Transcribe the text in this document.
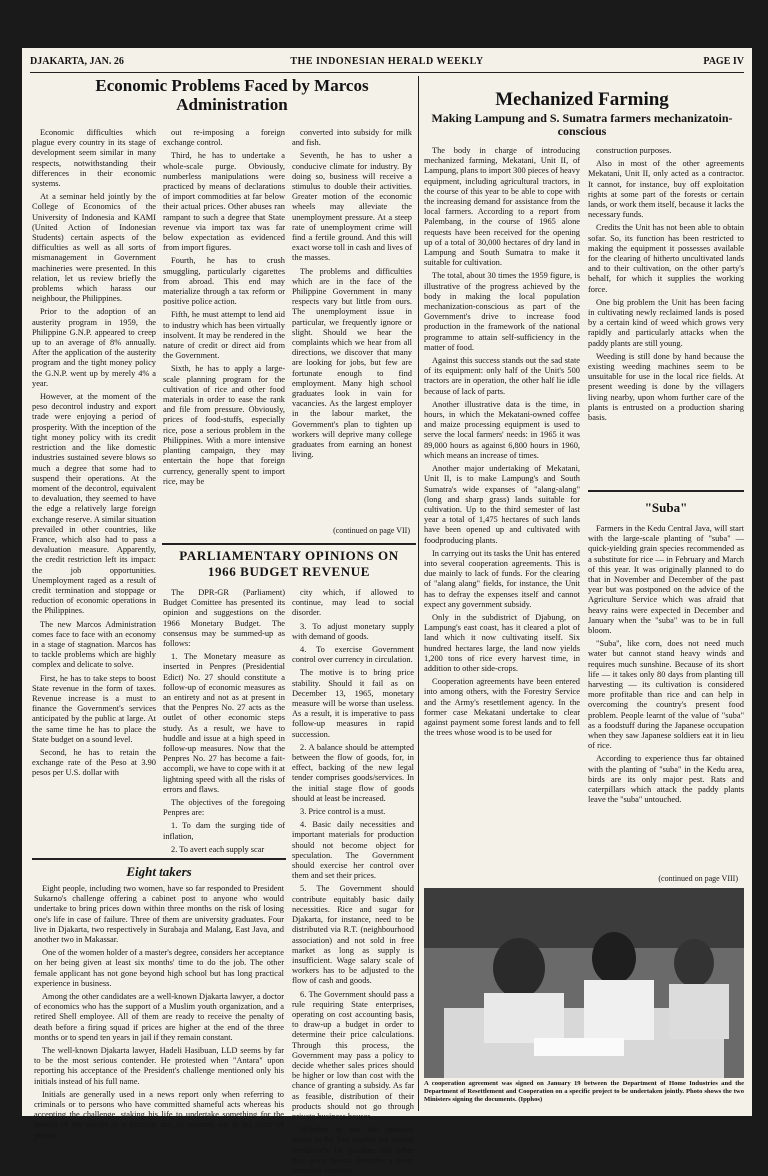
DJAKARTA, JAN. 26	THE INDONESIAN HERALD WEEKLY	PAGE IV
Economic Problems Faced by Marcos Administration

Economic difficulties which plague every country in its stage of development seem similar in many respects, notwithstanding their differences in their economic systems.

At a seminar held jointly by the College of Economics of the University of Indonesia and KAMI (United Action of Indonesian Students) certain aspects of the difficulties as well as all sorts of mismanagement in Government machineries were presented. In this relation, let us review briefly the problems which harass our neighbour, the Philippines.

Prior to the adoption of an austerity program in 1959, the Philippine G.N.P. appeared to creep up to an average of 8% annually. After the application of the austerity program and the tight money policy the G.N.P. went up by merely 4% a year.

However, at the moment of the peso decontrol industry and export trade were enjoying a period of prosperity. With the inception of the tight money policy with its credit restriction and the like domestic industries sustained severe blows so much a degree that some had to suspend their operations. At the moment of the decontrol, equivalent to devaluation, they seemed to have the edge a relatively large foreign exchange reserve. A similar situation prevailed in other countries, like France, which also had to pass a devaluation measure. Apparently, the credit restriction left its impact: the job opportunities. Unemployment raged as a result of credit termination and stoppage or reduction of economic operations in the Philippines.

The new Marcos Administration comes face to face with an economy in a stage of stagnation. Marcos has to tackle problems which are highly complex and delicate to solve.

First, he has to take steps to boost State revenue in the form of taxes. Revenue increase is a must to finance the Government's services anticipated by the public at large. At the same time he has to place the State budget on a sound level.

Second, he has to retain the exchange rate of the Peso at 3.90 pesos per U.S. dollar with

out re-imposing a foreign exchange control.

Third, he has to undertake a whole-scale purge. Obviously, numberless manipulations were practiced by means of declarations of import commodities at far below their actual prices. Other abuses ran rampant to such a degree that State revenue via import tax was far below expectation as evidenced from import figures.

Fourth, he has to crush smuggling, particularly cigarettes from abroad. This end may materialize through a tax reform or positive police action.

Fifth, he must attempt to lend aid to industry which has been virtually insolvent. It may be rendered in the nature of credit or direct aid from the Government.

Sixth, he has to apply a large-scale planning program for the cultivation of rice and other food materials in order to ease the rank and file from pressure. Obviously, prices of food-stuffs, especially rice, pose a serious problem in the Philippines. With a more intensive planting campaign, they may entertain the hope that foreign currency, generally spent to import rice, may be

converted into subsidy for milk and fish.

Seventh, he has to usher a conducive climate for industry. By doing so, business will receive a stimulus to double their activities. Greater motion of the economic wheels may alleviate the unemployment pressure. At a steep rate of unemployment crime will find a fertile ground. And this will exact worse toll in cash and lives of the masses.

The problems and difficulties which are in the face of the Philippine Government in many respects vary but little from ours. The unemployment issue in particular, we frequently ignore or slight. Should we hear the complaints which we hear from all directions, we discover that many are looking for jobs, but few are fortunate enough to find employment. Many high school graduates look in vain for vacancies. As the largest employer in the labour market, the Government's plan to tighten up workers will deprive many college graduates from earning an honest living.

(continued on page VII)
PARLIAMENTARY OPINIONS ON
1966 BUDGET REVENUE

The DPR-GR (Parliament) Budget Comittee has presented its opinion and suggestions on the 1966 Monetary Budget. The consensus may be summed-up as follows:

1. The Monetary measure as inserted in Penpres (Presidential Edict) No. 27 should constitute a follow-up of economic measures as an entirety and not as at present in that the Penpres No. 27 acts as the outlet of other economic steps study. As a result, we have to huddle and issue at a high speed in follow-up measures. Now that the Penpres No. 27 has become a fait-accompli, we have to cope with it at lightning speed with all the risks of errors and flaws.

The objectives of the foregoing Penpres are:

1. To dam the surging tide of inflation,

2. To avert each supply scar

city which, if allowed to continue, may lead to social disorder.

3. To adjust monetary supply with demand of goods.

4. To exercise Government control over currency in circulation.

The motive is to bring price stability. Should it fail as on December 13, 1965, monetary measure will be worse than useless. As a result, it is imperative to pass follow-up measures in rapid succession.

2. A balance should be attempted between the flow of goods, for, in effect, backing of the new legal tender comprises goods/services. In the initial stage flow of goods should at least be increased.

3. Price control is a must.

4. Basic daily necessities and important materials for production should not become object for speculation. The Government should exercise her control over them and set their prices.

5. The Government should contribute equitably basic daily necessities. Rice and sugar for Djakarta, for instance, need to be distributed via R.T. (neighbourhood association) and not sold in free market as long as supply is insufficient. Wage salary scale of workers has to be adjusted to the flow of cash and goods.

6. The Government should pass a rule requiring State enterprises, operating on cost accounting basis, to draw-up a budget in order to determine their price calculations. Through this process, the Government may pass a policy to decide whether sales prices should be higher or low than cost with the chance of granting a subsidy. As far as feasible, distribution of their products should not go through private business houses.

Whether or not the runaway prices in the free market are caused exclusively by gasoline and other fuel price boosts deserves a more intensive scrutiny.

Eight takers

Eight people, including two women, have so far responded to President Sukarno's challenge offering a cabinet post to anyone who would undertake to bring prices down within three months on the risk of losing one's life in case of failure. Three of them are university graduates. Four live in Djakarta, two respectively in Surabaja and Malang, East Java, and another two in Makassar.

One of the women holder of a master's degree, considers her acceptance on her being given at least six months' time to do the job. The other female applicant has not gone beyond high school but has long practical experience in business.

Among the other candidates are a well-known Djakarta lawyer, a doctor of economics who has the support of a Muslim youth organization, and a retired Shell employee. All of them are ready to receive the penalty of death before a firing squad if prices are higher at the end of the three months or to spend ten years in jail if they remain constant.

The well-known Djakarta lawyer, Hadeli Hasibuan, LLD seems by far to be the most serious contender. He protested when "Antara" upon reporting his acceptance of the President's challenge mentioned only his initials instead of his full name.

Initials are generally used in a news report only when referring to criminals or to persons who have committed shameful acts whereas his accepting the challenge, staking his life to undertake something for the benefit of the people is a patriotic act, he pointed out in his letter of protest.

Mechanized Farming
Making Lampung and S. Sumatra farmers mechanizatoin-conscious

The body in charge of introducing mechanized farming, Mekatani, Unit II, of Lampung, plans to import 300 pieces of heavy equipment, including agricultural tractors, in the course of this year to be able to cope with the increasing demand for assistance from the local farmers. According to a report from Palembang, in the course of 1965 alone requests have been received for the opening up of a total of 30,000 hectares of dry land in Lampung and South Sumatra to make it suitable for cultivation.

The total, about 30 times the 1959 figure, is illustrative of the progress achieved by the body in making the local population mechanization-conscious as part of the Government's drive to increase food production in the framework of the national programme to attain self-sufficiency in the matter of food.

Against this success stands out the sad state of its equipment: only half of the Unit's 500 tractors are in operation, the other half lie idle because of lack of parts.

Another illustrative data is the time, in hours, in which the Mekatani-owned coffee and maize processing equipment is used to serve the local farmers' needs: in 1965 it was 89,000 hours as against 6,800 hours in 1960, which means an increase of times.

Another major undertaking of Mekatani, Unit II, is to make Lampung's and South Sumatra's wide expanses of "alang-alang" (long and sharp grass) lands suitable for cultivation. Up to the third semester of last year a total of 1,475 hectares of such lands have been opened up and cultivated with foodproducing plants.

In carrying out its tasks the Unit has entered into several cooperation agreements. This is due mainly to lack of funds. For the clearing of "alang alang" fields, for instance, the Unit has to defray the expenses itself and cannot expect any government subsidy.

Only in the subdistrict of Djabung, on Lampung's east coast, has it cleared a plot of land which it now cultivating itself. Six hundred hectares large, the land now yields 1,200 tons of rice every harvest time, in addition to other side-crops.

Cooperation agreements have been entered into among others, with the Forestry Service and the Army's resettlement agency. In the former case Mekatani undertake to clear against payment some forest lands and to fell the trees whose wood is to be used for

construction purposes.

Also in most of the other agreements Mekatani, Unit II, only acted as a contractor. It cannot, for instance, buy off exploitation rights at some part of the forests or certain lands, or work them itself, because it lacks the necessary funds.

Credits the Unit has not been able to obtain sofar. So, its function has been restricted to making the equipment it possesses available for the clearing of hitherto uncultivated lands and to their cultivation, on the other party's behalf, for which it supplies the working force.

One big problem the Unit has been facing in cultivating newly reclaimed lands is posed by a certain kind of weed which grows very rapidly and particularly attacks when the paddy plants are still young.

Weeding is still done by hand because the existing weeding machines seem to be unsuitable for use in the local rice fields. At present weeding is done by the villagers living nearby, upon whom further care of the plants is entrusted on a production sharing basis.

"Suba"

Farmers in the Kedu Central Java, will start with the large-scale planting of "suba" — quick-yielding grain species recommended as a substitute for rice — in February and March of this year. It was originally planned to do that in November and December of the past year but was postponed on the advice of the Agriculture Service which was afraid that heavy rains were expected in December and January when the "suba" was to be in full bloom.

"Suba", like corn, does not need much water but cannot stand heavy winds and requires much sunshine. Because of its short life — it takes only 80 days from planting till harvesting — its cultivation is considered more profitable than rice and can help in overcoming the country's present food problem. People learnt of the value of "suba" as a foodstuff during the Japanese occupation when they saw Japanese soldiers eat it in lieu of rice.

According to experience thus far obtained with the planting of "suba" in the Kedu area, birds are its only major pest. Rats and caterpillars which attack the paddy plants leave the "suba" untouched.

(continued on page VIII)
A cooperation agreement was signed on January 19 between the Department of Home Industries and the Department of Resettlement and Cooperation on a specific project to be undertaken jointly. Photo shows the two Ministers signing the documents. (Ipphos)
